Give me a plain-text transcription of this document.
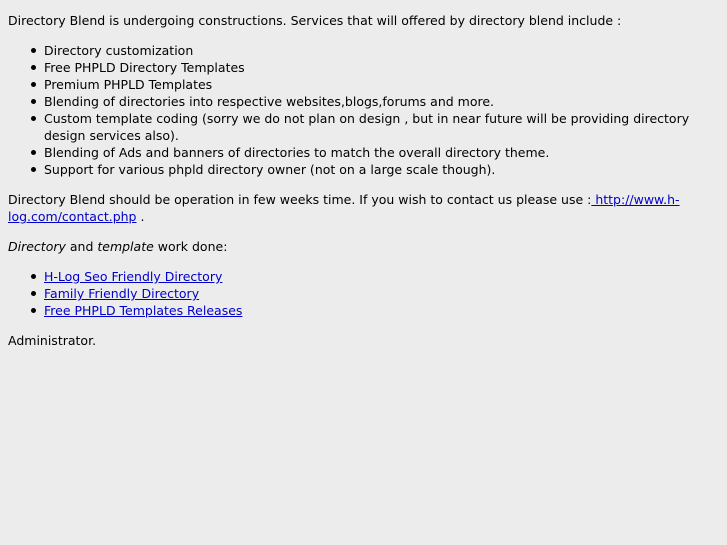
Directory Blend is undergoing constructions. Services that will offered by directory blend include :

Directory customization
Free PHPLD Directory Templates
Premium PHPLD Templates
Blending of directories into respective websites,blogs,forums and more.
Custom template coding (sorry we do not plan on design , but in near future will be providing directory design services also).
Blending of Ads and banners of directories to match the overall directory theme.
Support for various phpld directory owner (not on a large scale though).

Directory Blend should be operation in few weeks time. If you wish to contact us please use : http://www.h-log.com/contact.php .

Directory and template work done:

H-Log Seo Friendly Directory
Family Friendly Directory
Free PHPLD Templates Releases

Administrator.
